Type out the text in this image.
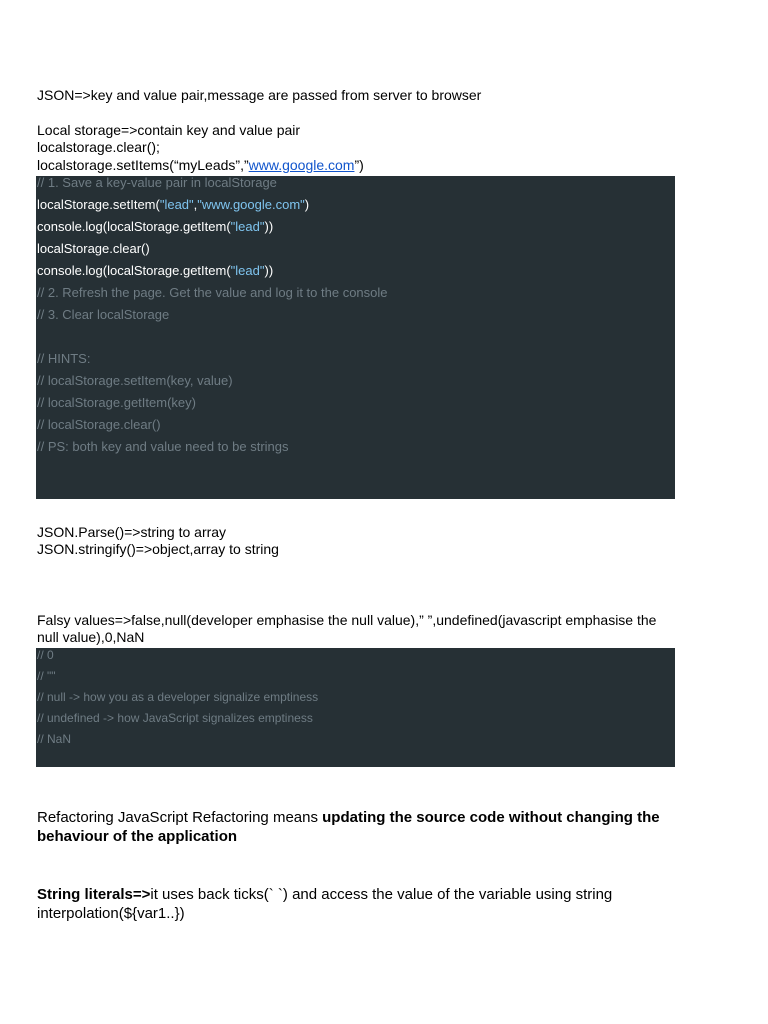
JSON=>key and value pair,message are passed from server to browser
Local storage=>contain key and value pair
localstorage.clear();
localstorage.setItems(“myLeads”,”www.google.com”)
// 1. Save a key-value pair in localStorage
localStorage.setItem("lead","www.google.com")
console.log(localStorage.getItem("lead"))
localStorage.clear()
console.log(localStorage.getItem("lead"))
// 2. Refresh the page. Get the value and log it to the console
// 3. Clear localStorage
// HINTS:
// localStorage.setItem(key, value)
// localStorage.getItem(key)
// localStorage.clear()
// PS: both key and value need to be strings
JSON.Parse()=>string to array
JSON.stringify()=>object,array to string
Falsy values=>false,null(developer emphasise the null value),” ”,undefined(javascript emphasise the
null value),0,NaN
// 0
// ""
// null -> how you as a developer signalize emptiness
// undefined -> how JavaScript signalizes emptiness
// NaN
Refactoring JavaScript Refactoring means updating the source code without changing the behaviour of the application
String literals=>it uses back ticks(` `) and access the value of the variable using string interpolation(${var1..})
